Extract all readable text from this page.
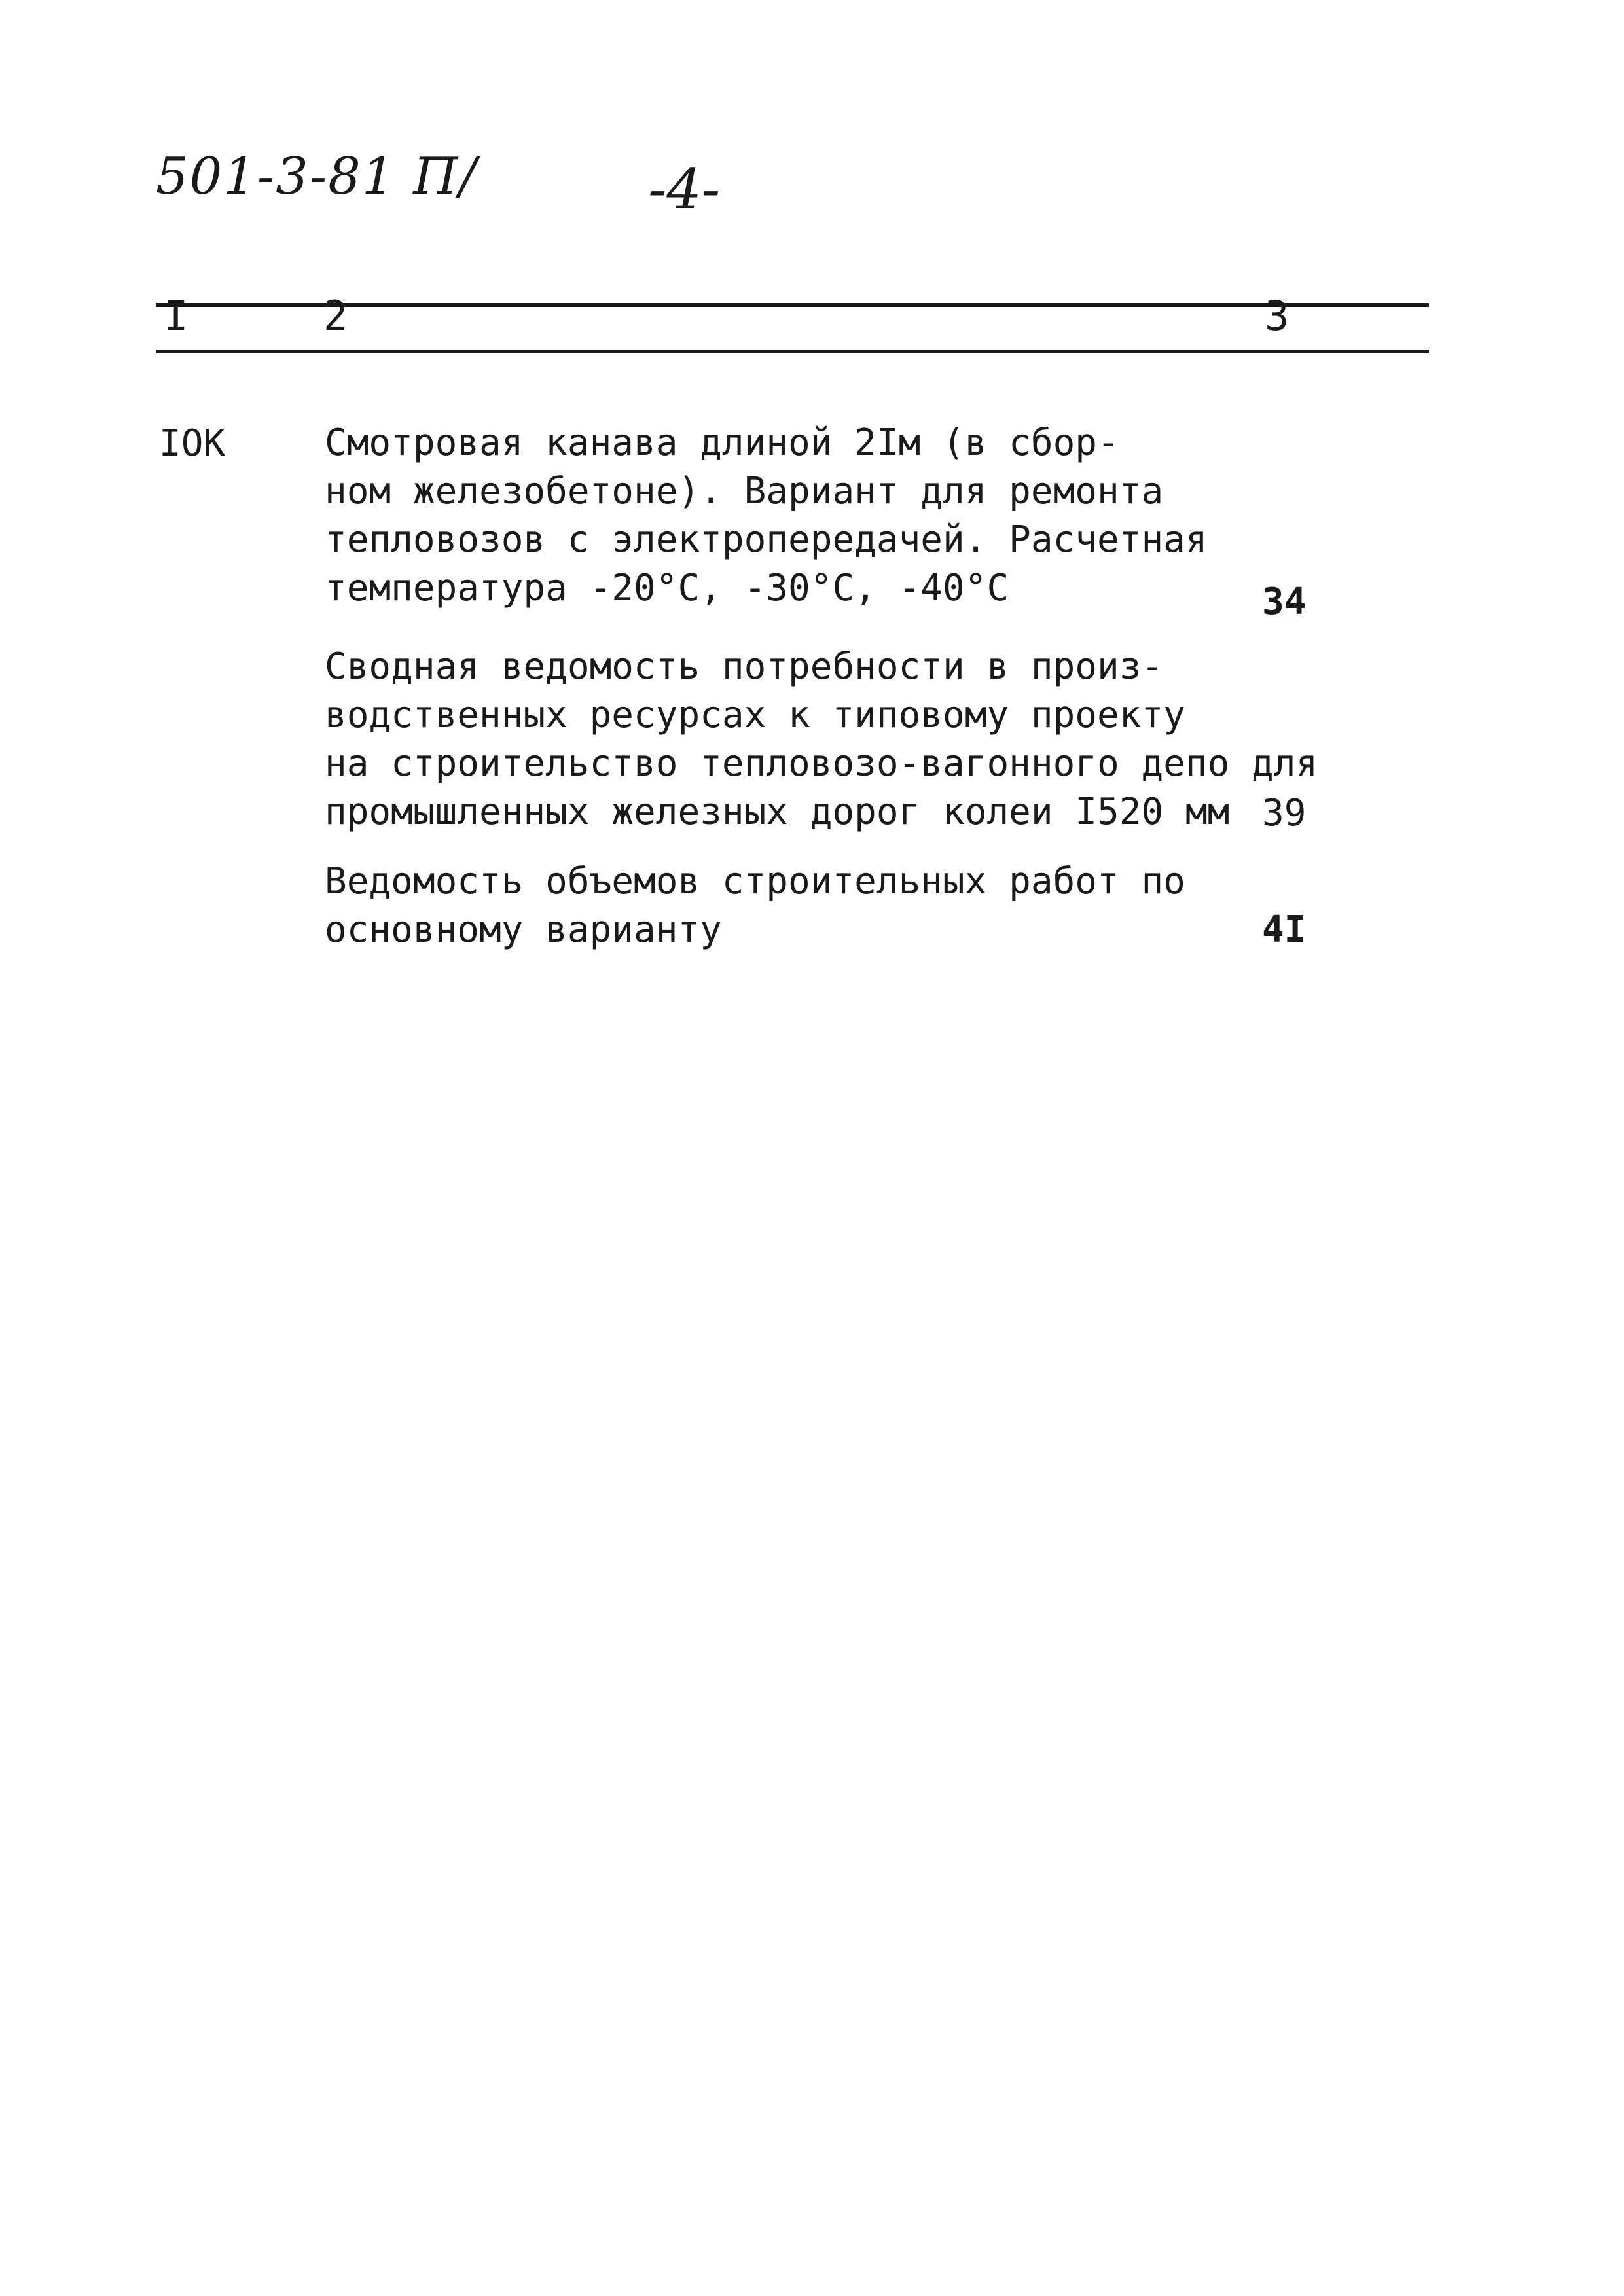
501-3-81 П/	-4-
I	2	3
IOK	Смотровая канава длиной 2Iм (в сбор-
ном железобетоне). Вариант для ремонта
тепловозов с электропередачей. Расчетная
температура -20°С, -30°С, -40°С	34
Сводная ведомость потребности в произ-
водственных ресурсах к типовому проекту
на строительство тепловозо-вагонного депо для
промышленных железных дорог колеи I520 мм 39
Ведомость объемов строительных работ по
основному варианту	4I
